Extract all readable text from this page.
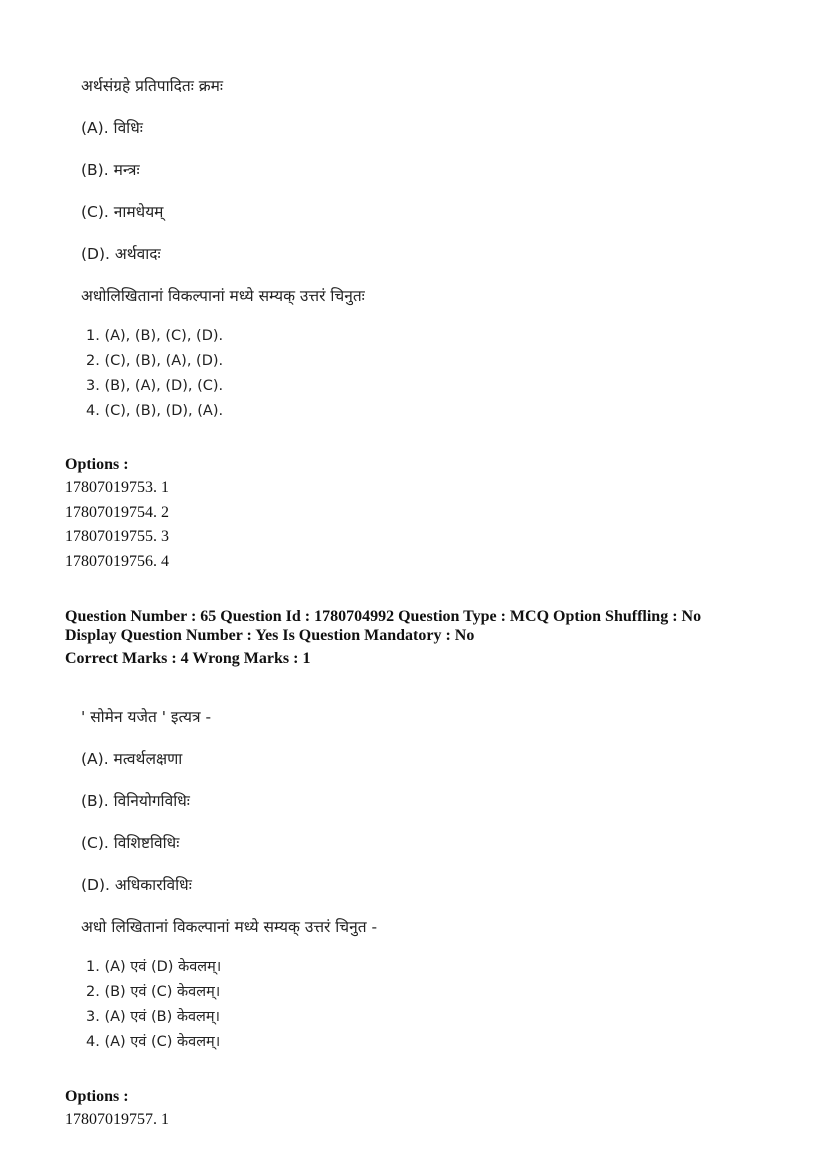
अर्थसंग्रहे प्रतिपादितः क्रमः
(A). विधिः
(B). मन्त्रः
(C). नामधेयम्
(D). अर्थवादः
अधोलिखितानां विकल्पानां मध्ये सम्यक् उत्तरं चिनुतः
1. (A), (B), (C), (D).
2. (C), (B), (A), (D).
3. (B), (A), (D), (C).
4. (C), (B), (D), (A).
Options :
17807019753. 1
17807019754. 2
17807019755. 3
17807019756. 4
Question Number : 65 Question Id : 1780704992 Question Type : MCQ Option Shuffling : No
Display Question Number : Yes Is Question Mandatory : No
Correct Marks : 4 Wrong Marks : 1
' सोमेन यजेत ' इत्यत्र -
(A). मत्वर्थलक्षणा
(B). विनियोगविधिः
(C). विशिष्टविधिः
(D). अधिकारविधिः
अधो लिखितानां विकल्पानां मध्ये सम्यक् उत्तरं चिनुत -
1. (A) एवं (D) केवलम्।
2. (B) एवं (C) केवलम्।
3. (A) एवं (B) केवलम्।
4. (A) एवं (C) केवलम्।
Options :
17807019757. 1
